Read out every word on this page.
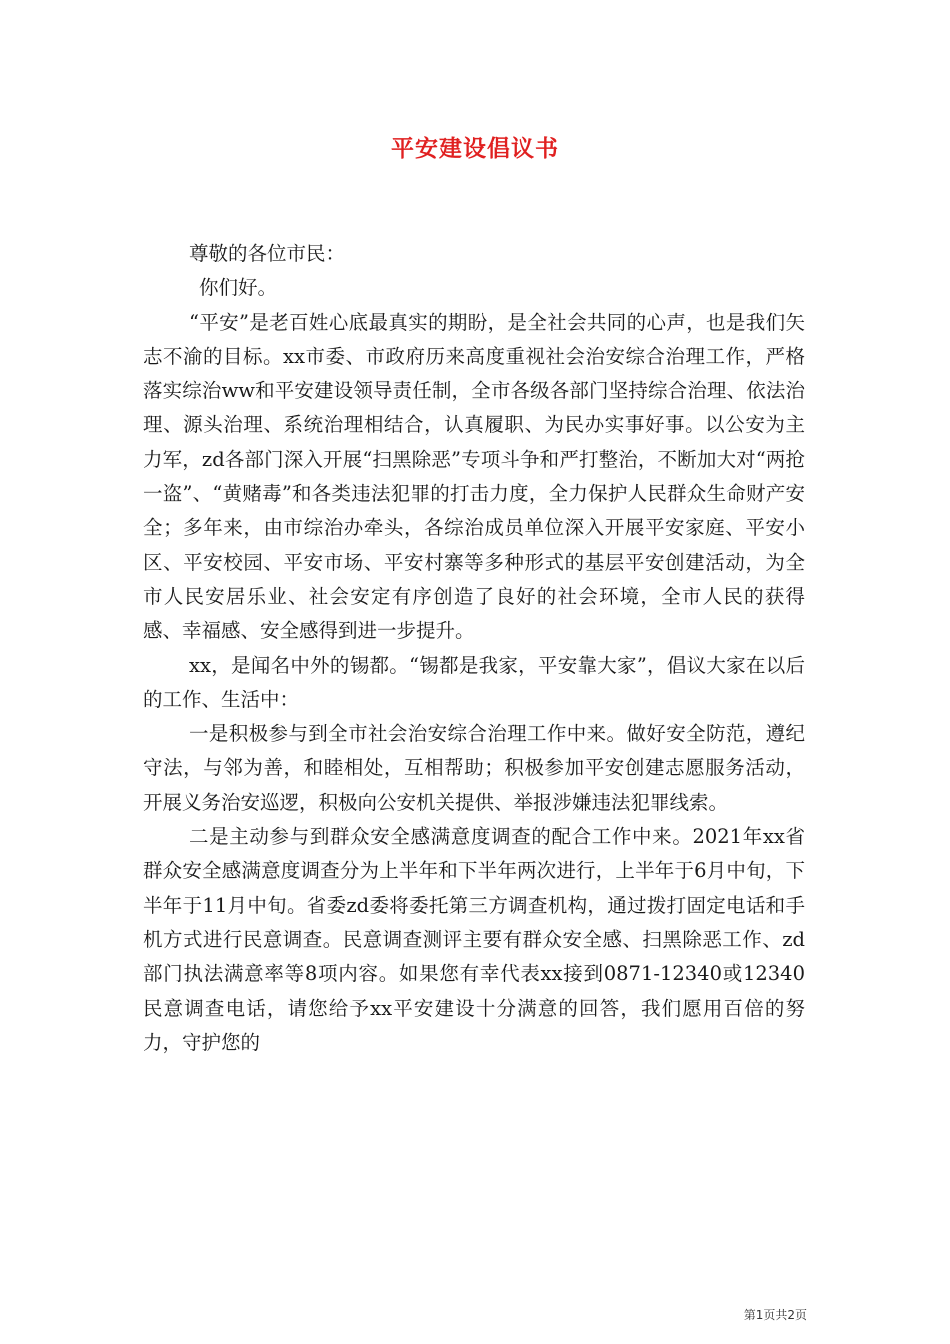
平安建设倡议书

尊敬的各位市民：

你们好。

“平安”是老百姓心底最真实的期盼，是全社会共同的心声，也是我们矢志不渝的目标。xx市委、市政府历来高度重视社会治安综合治理工作，严格落实综治ww和平安建设领导责任制，全市各级各部门坚持综合治理、依法治理、源头治理、系统治理相结合，认真履职、为民办实事好事。以公安为主力军，zd各部门深入开展“扫黑除恶”专项斗争和严打整治，不断加大对“两抢一盗”、“黄赌毒”和各类违法犯罪的打击力度，全力保护人民群众生命财产安全；多年来，由市综治办牵头，各综治成员单位深入开展平安家庭、平安小区、平安校园、平安市场、平安村寨等多种形式的基层平安创建活动，为全市人民安居乐业、社会安定有序创造了良好的社会环境，全市人民的获得感、幸福感、安全感得到进一步提升。

xx，是闻名中外的锡都。“锡都是我家，平安靠大家”，倡议大家在以后的工作、生活中：

一是积极参与到全市社会治安综合治理工作中来。做好安全防范，遵纪守法，与邻为善，和睦相处，互相帮助；积极参加平安创建志愿服务活动，开展义务治安巡逻，积极向公安机关提供、举报涉嫌违法犯罪线索。

二是主动参与到群众安全感满意度调查的配合工作中来。2021年xx省群众安全感满意度调查分为上半年和下半年两次进行，上半年于6月中旬，下半年于11月中旬。省委zd委将委托第三方调查机构，通过拨打固定电话和手机方式进行民意调查。民意调查测评主要有群众安全感、扫黑除恶工作、zd部门执法满意率等8项内容。如果您有幸代表xx接到0871-12340或12340民意调查电话，请您给予xx平安建设十分满意的回答，我们愿用百倍的努力，守护您的

第1页共2页
